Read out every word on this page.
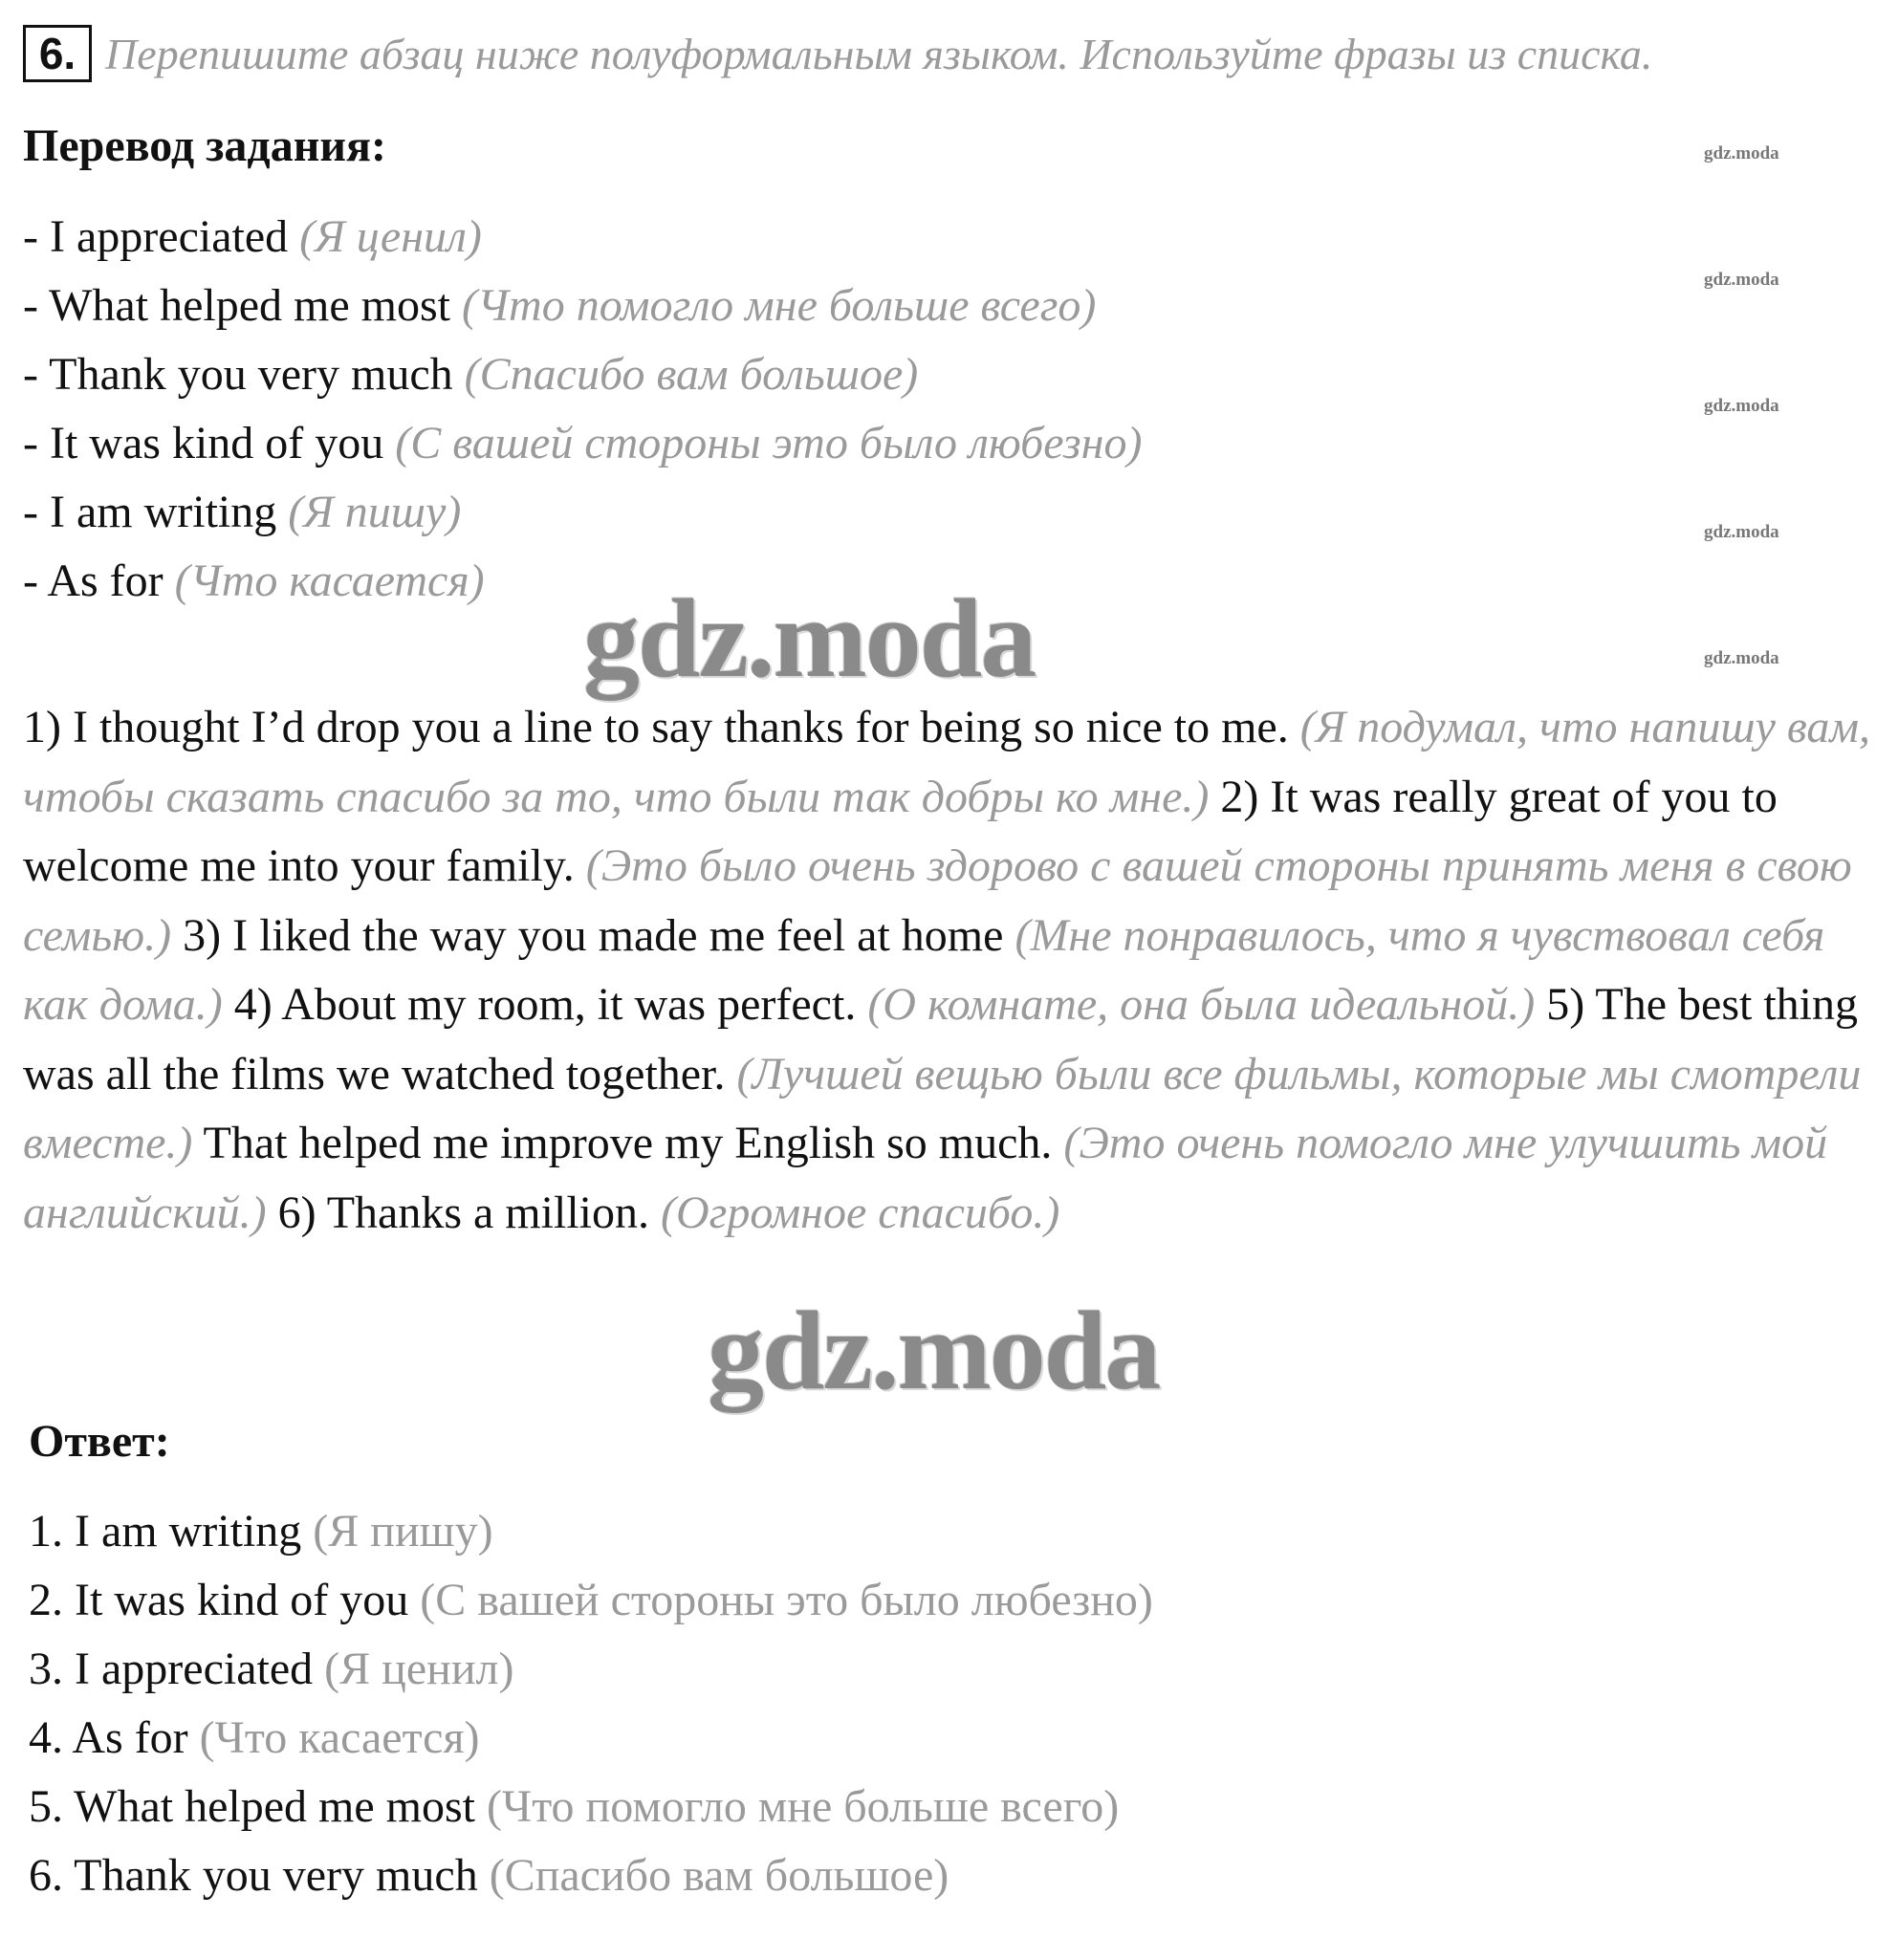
6. Перепишите абзац ниже полуформальным языком. Используйте фразы из списка.
Перевод задания:
- I appreciated (Я ценил)
- What helped me most (Что помогло мне больше всего)
- Thank you very much (Спасибо вам большое)
- It was kind of you (С вашей стороны это было любезно)
- I am writing (Я пишу)
- As for (Что касается)
1) I thought I’d drop you a line to say thanks for being so nice to me. (Я подумал, что напишу вам, чтобы сказать спасибо за то, что были так добры ко мне.) 2) It was really great of you to welcome me into your family. (Это было очень здорово с вашей стороны принять меня в свою семью.) 3) I liked the way you made me feel at home (Мне понравилось, что я чувствовал себя как дома.) 4) About my room, it was perfect. (О комнате, она была идеальной.) 5) The best thing was all the films we watched together. (Лучшей вещью были все фильмы, которые мы смотрели вместе.) That helped me improve my English so much. (Это очень помогло мне улучшить мой английский.) 6) Thanks a million. (Огромное спасибо.)
Ответ:
1. I am writing (Я пишу)
2. It was kind of you (С вашей стороны это было любезно)
3. I appreciated (Я ценил)
4. As for (Что касается)
5. What helped me most (Что помогло мне больше всего)
6. Thank you very much (Спасибо вам большое)
gdz.moda
gdz.moda
gdz.moda
gdz.moda
gdz.moda
gdz.moda
gdz.moda
